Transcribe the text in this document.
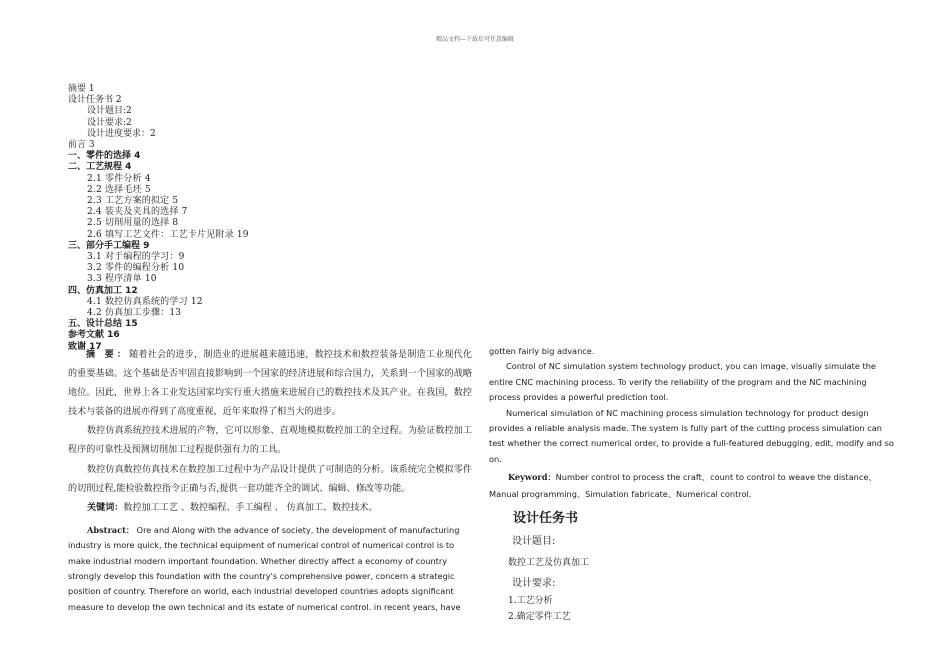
精品文档---下载后可任意编辑
摘要 1
设计任务书 2
设计题目:2
设计要求:2
设计进度要求：2
前言 3
一、零件的选择 4
二、工艺规程 4
2.1 零件分析 4
2.2 选择毛坯 5
2.3 工艺方案的拟定 5
2.4 装夹及夹具的选择 7
2.5 切削用量的选择 8
2.6 填写工艺文件：工艺卡片见附录 19
三、部分手工编程 9
3.1 对于编程的学习：9
3.2 零件的编程分析 10
3.3 程序清单 10
四、仿真加工 12
4.1 数控仿真系统的学习 12
4.2 仿真加工步骤：13
五、设计总结 15
参考文献 16
致谢 17

摘 要：随着社会的进步，制造业的进展越来越迅速，数控技术和数控装备是制造工业现代化的重要基础。这个基础是否牢固直接影响到一个国家的经济进展和综合国力，关系到一个国家的战略地位。因此，世界上各工业发达国家均实行重大措施来进展自己的数控技术及其产业。在我国，数控技术与装备的进展亦得到了高度重视，近年来取得了相当大的进步。

数控仿真系统控技术进展的产物，它可以形象、直观地模拟数控加工的全过程。为验证数控加工程序的可靠性及预测切削加工过程提供强有力的工具。

数控仿真数控仿真技术在数控加工过程中为产品设计提供了可制造的分析。该系统完全模拟零件的切削过程,能检验数控指令正确与否,提供一套功能齐全的调试、编辑、修改等功能。

关键词：数控加工工艺 、数控编程、手工编程 、 仿真加工、数控技术。

Abstract： Ore and Along with the advance of society, the development of manufacturing industry is more quick, the technical equipment of numerical control of numerical control is to make industrial modern important foundation. Whether directly affect a economy of country strongly develop this foundation with the country's comprehensive power, concern a strategic position of country. Therefore on world, each industrial developed countries adopts significant measure to develop the own technical and its estate of numerical control. in recent years, have

gotten fairly big advance.

Control of NC simulation system technology product, you can image, visually simulate the entire CNC machining process. To verify the reliability of the program and the NC machining process provides a powerful prediction tool.

Numerical simulation of NC machining process simulation technology for product design provides a reliable analysis made. The system is fully part of the cutting process simulation can test whether the correct numerical order, to provide a full-featured debugging, edit, modify and so on.

Keyword：Number control to process the craft、count to control to weave the distance、Manual programming、Simulation fabricate、Numerical control.

设计任务书
设计题目:
数控工艺及仿真加工
设计要求:
1.工艺分析
2.确定零件工艺
